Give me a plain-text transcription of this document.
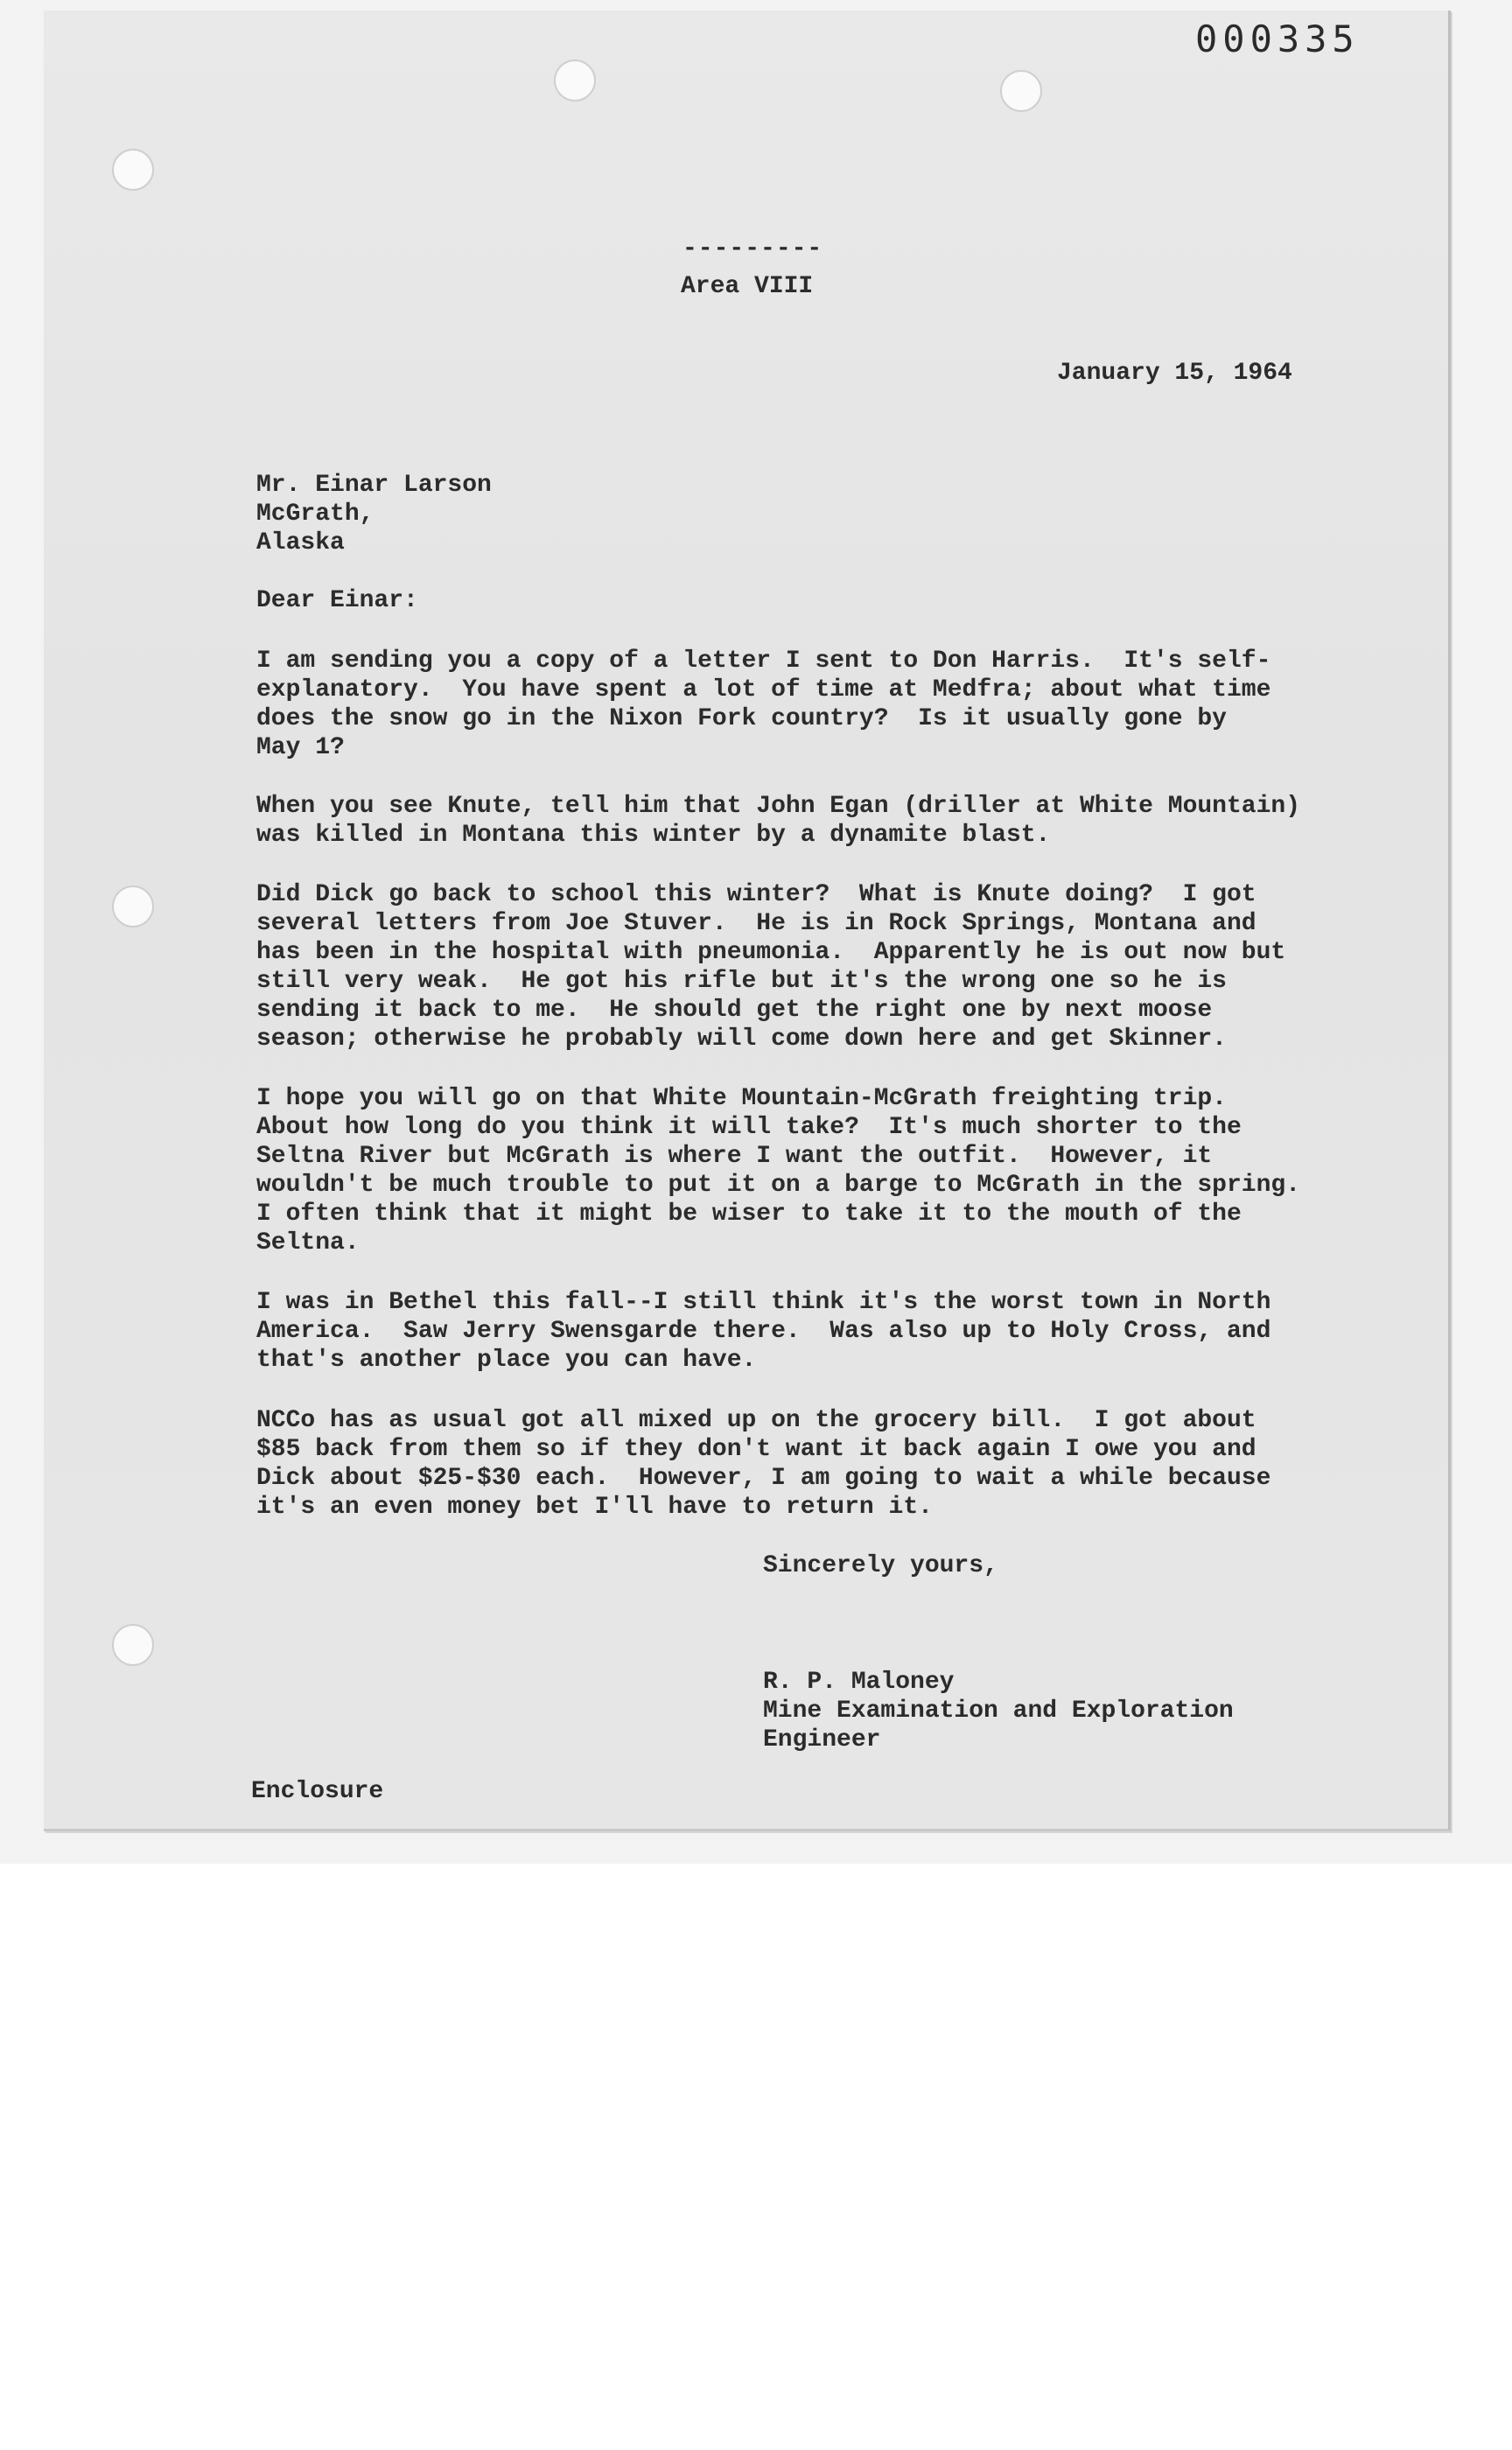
000335
---------
Area VIII
January 15, 1964
Mr. Einar Larson
McGrath,
Alaska
Dear Einar:
I am sending you a copy of a letter I sent to Don Harris.  It's self-
explanatory.  You have spent a lot of time at Medfra; about what time
does the snow go in the Nixon Fork country?  Is it usually gone by
May 1?
When you see Knute, tell him that John Egan (driller at White Mountain)
was killed in Montana this winter by a dynamite blast.
Did Dick go back to school this winter?  What is Knute doing?  I got
several letters from Joe Stuver.  He is in Rock Springs, Montana and
has been in the hospital with pneumonia.  Apparently he is out now but
still very weak.  He got his rifle but it's the wrong one so he is
sending it back to me.  He should get the right one by next moose
season; otherwise he probably will come down here and get Skinner.
I hope you will go on that White Mountain-McGrath freighting trip.
About how long do you think it will take?  It's much shorter to the
Seltna River but McGrath is where I want the outfit.  However, it
wouldn't be much trouble to put it on a barge to McGrath in the spring.
I often think that it might be wiser to take it to the mouth of the
Seltna.
I was in Bethel this fall--I still think it's the worst town in North
America.  Saw Jerry Swensgarde there.  Was also up to Holy Cross, and
that's another place you can have.
NCCo has as usual got all mixed up on the grocery bill.  I got about
$85 back from them so if they don't want it back again I owe you and
Dick about $25-$30 each.  However, I am going to wait a while because
it's an even money bet I'll have to return it.
Sincerely yours,
R. P. Maloney
Mine Examination and Exploration
Engineer
Enclosure
